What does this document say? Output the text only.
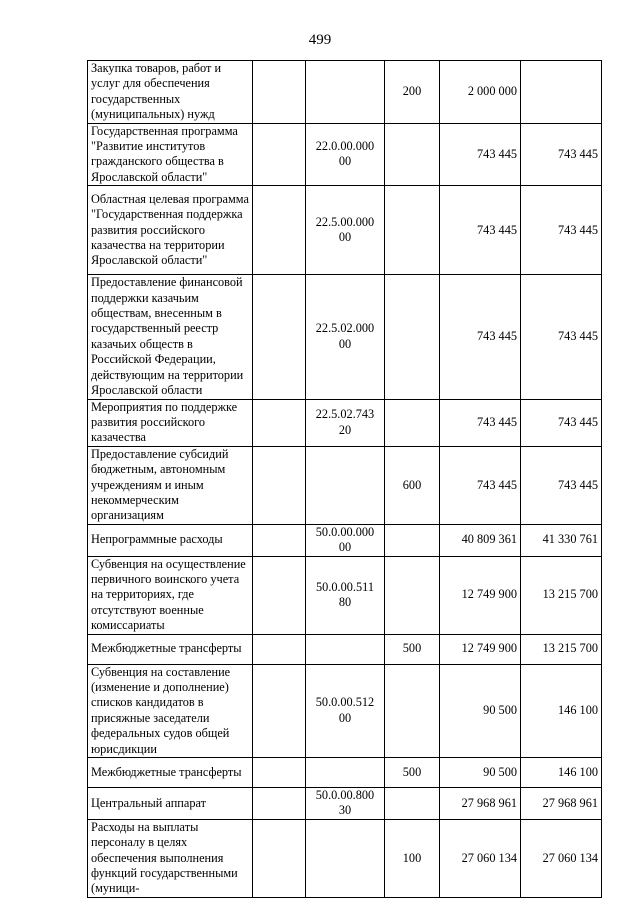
499
Закупка товаров, работ и услуг для обеспечения государственных (муниципальных) нужд			200	2 000 000	
Государственная программа "Развитие институтов гражданского общества в Ярославской области"		22.0.00.000 00		743 445	743 445
Областная целевая программа "Государственная поддержка развития российского казачества на территории Ярославской области"		22.5.00.000 00		743 445	743 445
Предоставление финансовой поддержки казачьим обществам, внесенным в государственный реестр казачьих обществ в Российской Федерации, действующим на территории Ярославской области		22.5.02.000 00		743 445	743 445
Мероприятия по поддержке развития российского казачества		22.5.02.743 20		743 445	743 445
Предоставление субсидий бюджетным, автономным учреждениям и иным некоммерческим организациям			600	743 445	743 445
Непрограммные расходы		50.0.00.000 00		40 809 361	41 330 761
Субвенция на осуществление первичного воинского учета на территориях, где отсутствуют военные комиссариаты		50.0.00.511 80		12 749 900	13 215 700
Межбюджетные трансферты			500	12 749 900	13 215 700
Субвенция на составление (изменение и дополнение) списков кандидатов в присяжные заседатели федеральных судов общей юрисдикции		50.0.00.512 00		90 500	146 100
Межбюджетные трансферты			500	90 500	146 100
Центральный аппарат		50.0.00.800 30		27 968 961	27 968 961
Расходы на выплаты персоналу в целях обеспечения выполнения функций государственными (муници-			100	27 060 134	27 060 134
